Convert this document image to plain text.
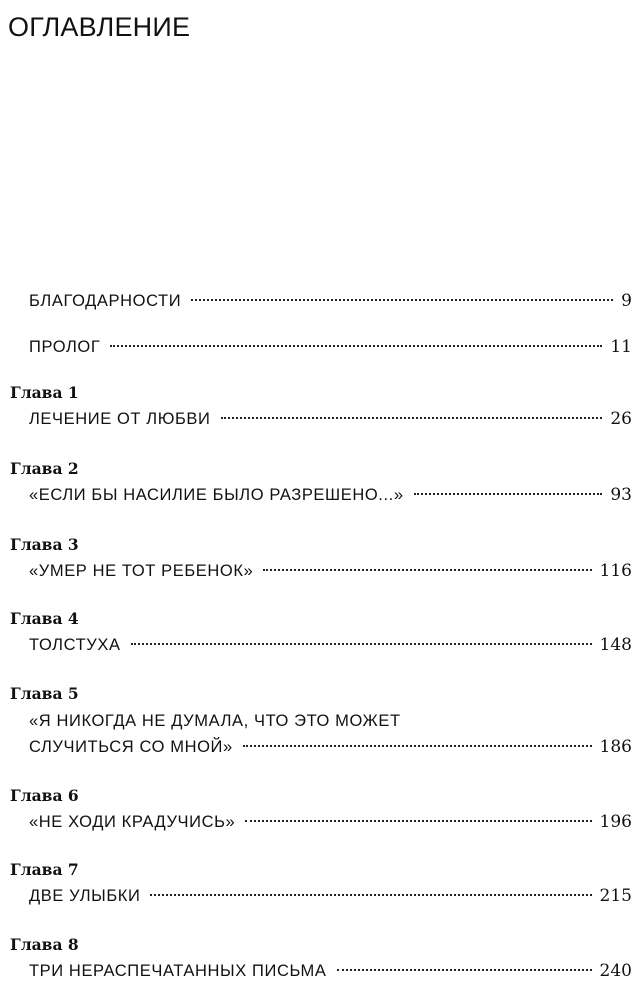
ОГЛАВЛЕНИЕ
БЛАГОДАРНОСТИ	9
ПРОЛОГ	11
Глава 1
ЛЕЧЕНИЕ ОТ ЛЮБВИ	26
Глава 2
«ЕСЛИ БЫ НАСИЛИЕ БЫЛО РАЗРЕШЕНО...»	93
Глава 3
«УМЕР НЕ ТОТ РЕБЕНОК»	116
Глава 4
ТОЛСТУХА	148
Глава 5
«Я НИКОГДА НЕ ДУМАЛА, ЧТО ЭТО МОЖЕТ
СЛУЧИТЬСЯ СО МНОЙ»	186
Глава 6
«НЕ ХОДИ КРАДУЧИСЬ»	196
Глава 7
ДВЕ УЛЫБКИ	215
Глава 8
ТРИ НЕРАСПЕЧАТАННЫХ ПИСЬМА	240
